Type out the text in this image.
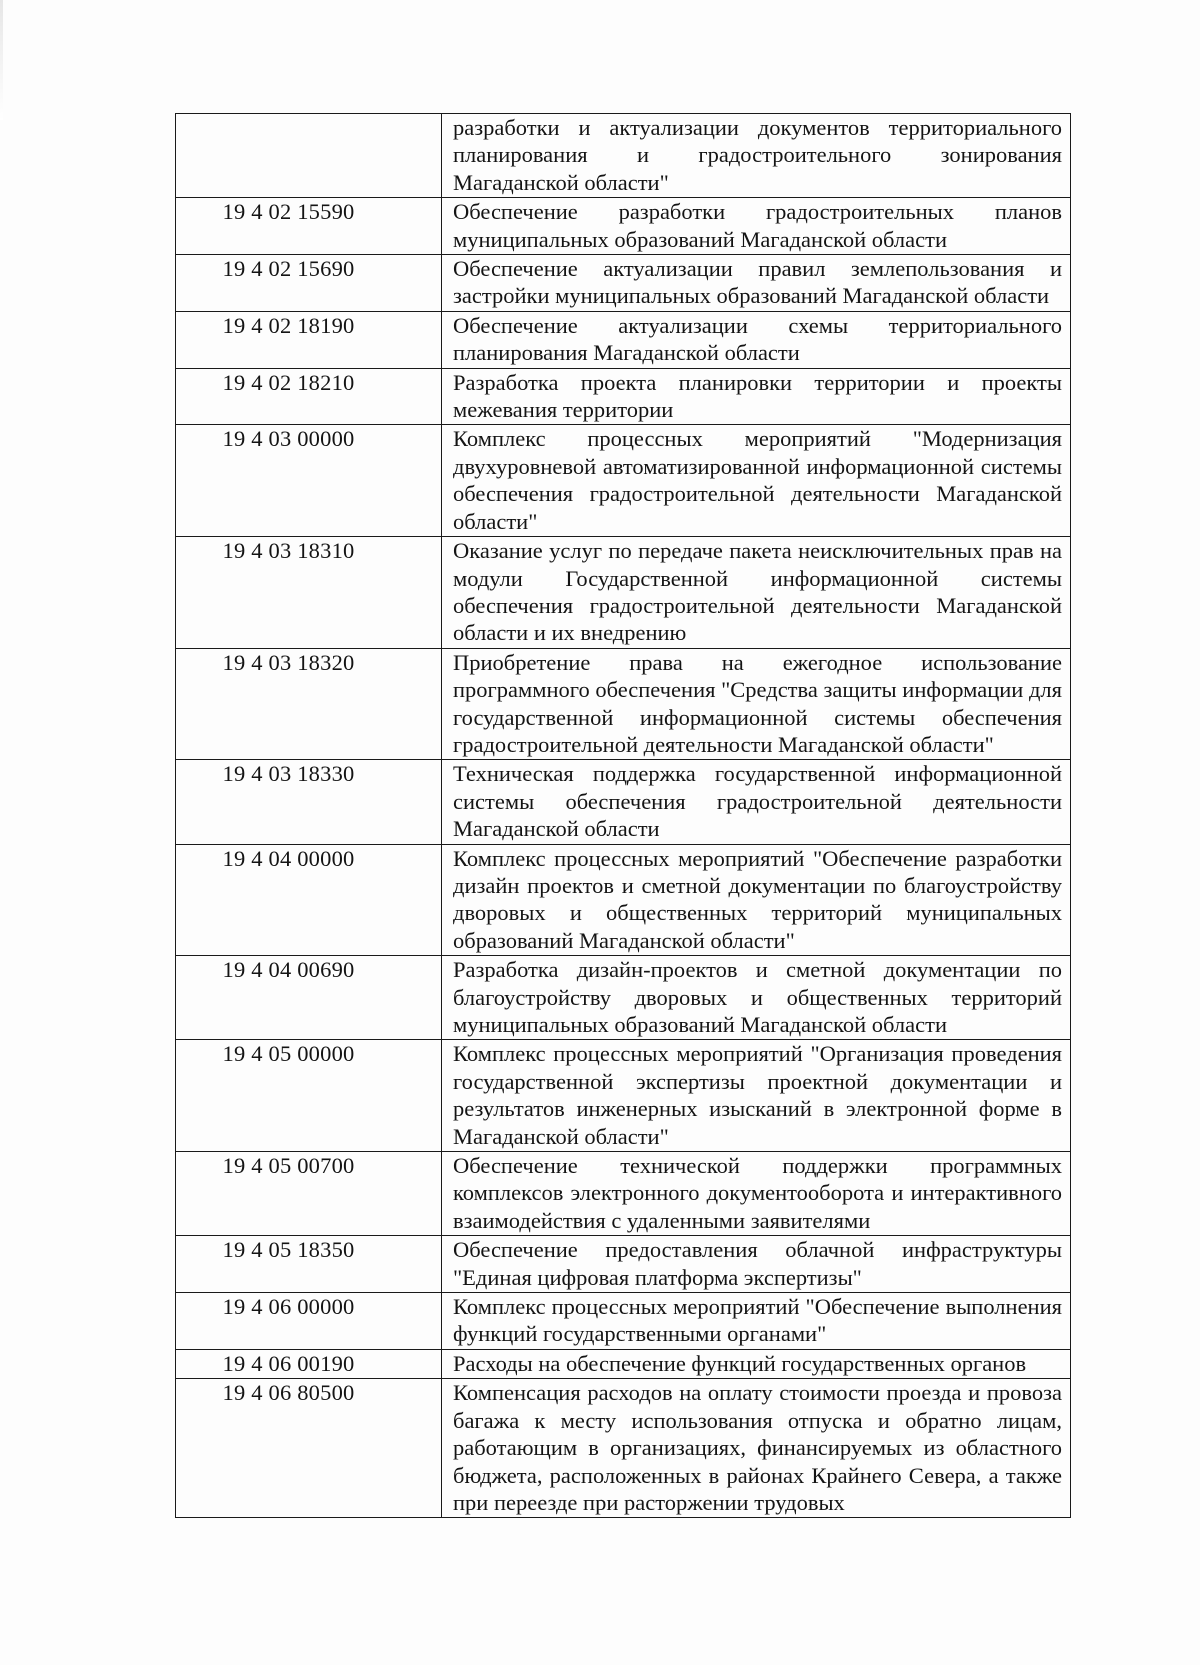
	разработки и актуализации документов территориального планирования и градостроительного зонирования Магаданской области"
19 4 02 15590	Обеспечение разработки градостроительных планов муниципальных образований Магаданской области
19 4 02 15690	Обеспечение актуализации правил землепользования и застройки муниципальных образований Магаданской области
19 4 02 18190	Обеспечение актуализации схемы территориального планирования Магаданской области
19 4 02 18210	Разработка проекта планировки территории и проекты межевания территории
19 4 03 00000	Комплекс процессных мероприятий "Модернизация двухуровневой автоматизированной информационной системы обеспечения градостроительной деятельности Магаданской области"
19 4 03 18310	Оказание услуг по передаче пакета неисключительных прав на модули Государственной информационной системы обеспечения градостроительной деятельности Магаданской области и их внедрению
19 4 03 18320	Приобретение права на ежегодное использование программного обеспечения "Средства защиты информации для государственной информационной системы обеспечения градостроительной деятельности Магаданской области"
19 4 03 18330	Техническая поддержка государственной информационной системы обеспечения градостроительной деятельности Магаданской области
19 4 04 00000	Комплекс процессных мероприятий "Обеспечение разработки дизайн проектов и сметной документации по благоустройству дворовых и общественных территорий муниципальных образований Магаданской области"
19 4 04 00690	Разработка дизайн-проектов и сметной документации по благоустройству дворовых и общественных территорий муниципальных образований Магаданской области
19 4 05 00000	Комплекс процессных мероприятий "Организация проведения государственной экспертизы проектной документации и результатов инженерных изысканий в электронной форме в Магаданской области"
19 4 05 00700	Обеспечение технической поддержки программных комплексов электронного документооборота и интерактивного взаимодействия с удаленными заявителями
19 4 05 18350	Обеспечение предоставления облачной инфраструктуры "Единая цифровая платформа экспертизы"
19 4 06 00000	Комплекс процессных мероприятий "Обеспечение выполнения функций государственными органами"
19 4 06 00190	Расходы на обеспечение функций государственных органов
19 4 06 80500	Компенсация расходов на оплату стоимости проезда и провоза багажа к месту использования отпуска и обратно лицам, работающим в организациях, финансируемых из областного бюджета, расположенных в районах Крайнего Севера, а также при переезде при расторжении трудовых
